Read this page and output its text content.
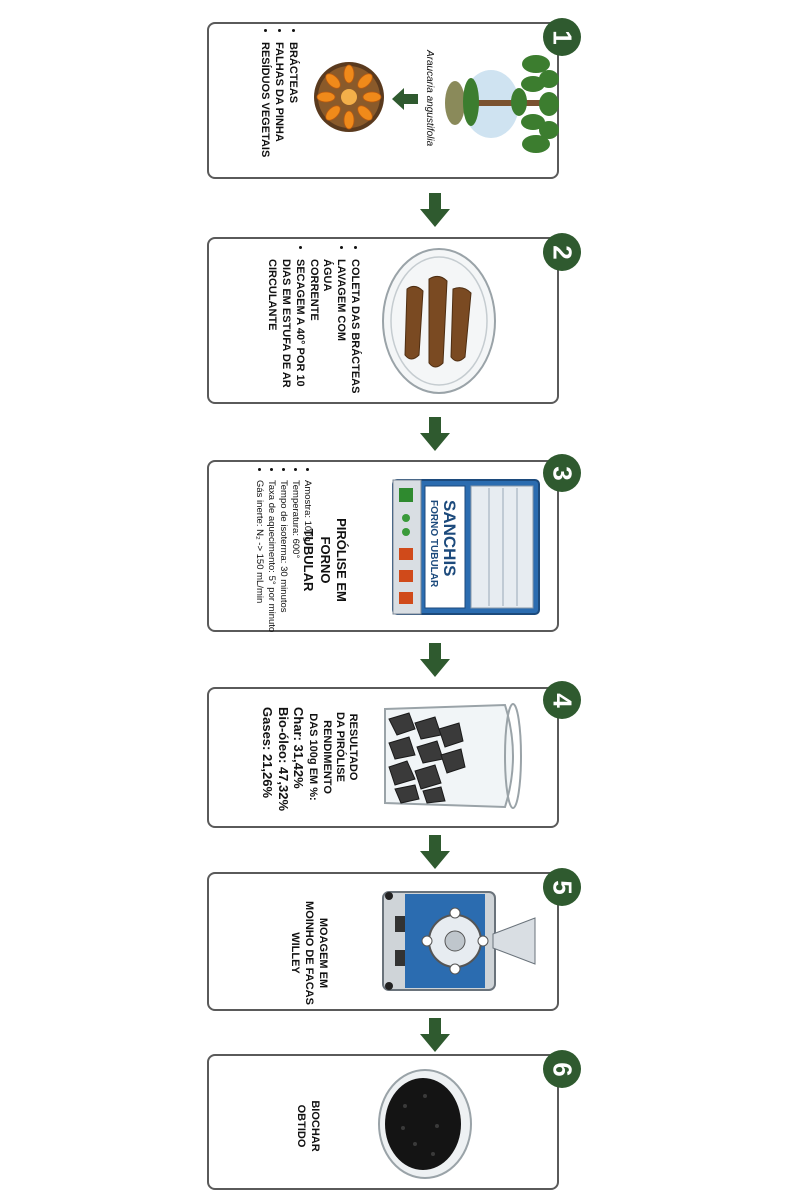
Araucaria angustifolia
• BRÁCTEAS
• FALHAS DA PINHA
• RESÍDUOS VEGETAIS
1
• COLETA DAS BRÁCTEAS
• LAVAGEM COM ÁGUA CORRENTE
• SECAGEM A 40° POR 10 DIAS EM ESTUFA DE AR CIRCULANTE
2
SANCHIS
FORNO TUBULAR
PIRÓLISE EM FORNO TUBULAR
• Amostra: 100g
• Temperatura: 600°
• Tempo de isoterma: 30 minutos
• Taxa de aquecimento: 5° por minuto
• Gás inerte: N₂ -> 150 mL/min
3
RESULTADO DA PIRÓLISE
RENDIMENTO DAS 100g EM %:
Char: 31,42%
Bio-óleo: 47,32%
Gases: 21,26%
4
MOAGEM EM MOINHO DE FACAS WILLEY
5
BIOCHAR OBTIDO
6
